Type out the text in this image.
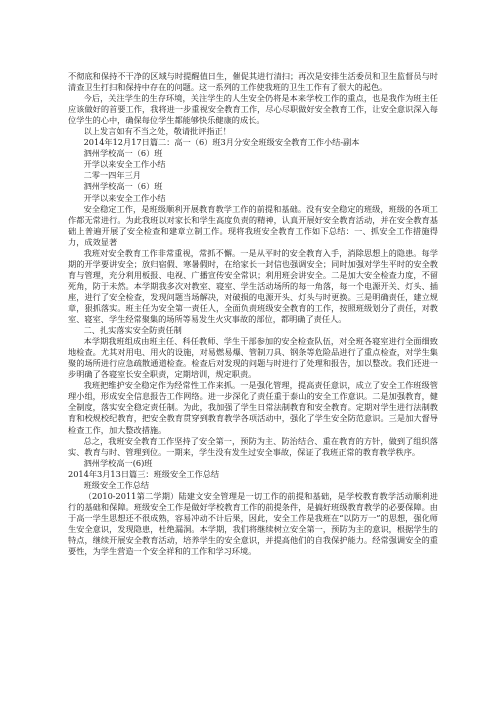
不彻底和保持不干净的区域与时提醒值日生，催促其进行清扫；再次是安排生活委员和卫生监督员与时清查卫生打扫和保持中存在的问题。这一系列的工作使我班的卫生工作有了很大的起色。

今后，关注学生的生存环境，关注学生的人生安全仍将是本来学校工作的重点，也是我作为班主任应该做好的首要工作，我将进一步重视安全教育工作，尽心尽职做好安全教育工作，让安全意识深入每位学生的心中，确保每位学生都能够快乐健康的成长。

以上发言如有不当之处，敬请批评指正！

2014年12月17日篇二：高一（6）班3月分安全班级安全教育工作小结-副本

泗州学校高一（6）班

开学以来安全工作小结

二零一四年三月

泗州学校高一（6）班

开学以来安全工作小结

安全稳定工作，是班级顺利开展教育教学工作的前提和基础。没有安全稳定的班级，班级的各项工作都无常进行。为此我班以对家长和学生高度负责的精神，认真开展好安全教育活动，并在安全教育基础上普遍开展了安全检查和建章立制工作。现将我班安全教育工作如下总结：一、抓安全工作措施得力，成效显著

我班对安全教育工作非常重视，常抓不懈。一是从平时的安全教育入手，消除思想上的隐患。每学期的开学要讲安全；放归宿假、寒暑假时，在给家长一封信也强调安全；同时加强对学生平时的安全教育与管理，充分利用板报、电视、广播宣传安全常识；利用班会讲安全。二是加大安全检查力度，不留死角，防于未然。本学期我多次对教室、寝室、学生活动场所的每一角落，每一个电源开关、灯头、插座，进行了安全检查，发现问题当场解决，对破损的电源开头、灯头与时更换。三是明确责任，建立规章，狠抓落实。班主任为安全第一责任人，全面负责班级安全教育的工作，按照班级划分了责任，对教室、寝室、学生经常聚集的场所等易发生火灾事故的部位，都明确了责任人。

二、扎实落实安全防责任制

本学期我班组成由班主任、科任教师、学生干部参加的安全检查队伍，对全班各寝室进行全面细致地检查。尤其对用电、用火的设施，对易燃易爆、管制刀具、钢条等危险品进行了重点检查，对学生集聚的场所进行应急疏散通道检查。检查后对发现的问题与时进行了处理和报告，加以整改。我们还进一步明确了各寝室长安全职责，定期培训，规定职责。

我班把维护安全稳定作为经常性工作来抓。一是强化管理，提高责任意识，成立了安全工作班级管理小组，形成安全信息报告工作网络。进一步深化了责任重于泰山的安全工作意识。二是加强教育，健全制度，落实安全稳定责任制。为此，我加强了学生日常法制教育和安全教育。定期对学生进行法制教育和校规校纪教育，把安全教育贯穿到教育教学各项活动中，强化了学生安全防范意识。三是加大督导检查工作，加大整改措施。

总之，我班安全教育工作坚持了安全第一，预防为主、防治结合、重在教育的方针，做到了组织落实、教育与时、管理到位。一期来，学生没有发生过安全事故，保证了我班正常的教育教学秩序。

泗州学校高一(6)班

2014年3月13日篇三：班级安全工作总结

班级安全工作总结

（2010-2011第二学期）陆建文安全管理是一切工作的前提和基础，是学校教育教学活动顺利进行的基础和保障。班级安全工作是做好学校教育工作的前提条件，是搞好班级教育教学的必要保障。由于高一学生思想还不很成熟，容易冲动不计后果，因此，安全工作是我班在“以防万一”的思想，强化师生安全意识，发现隐患，杜绝漏洞。本学期，我们将继续树立安全第一，预防为主的意识，根据学生的特点，继续开展安全教育活动，培养学生的安全意识，并提高他们的自我保护能力。经常强调安全的重要性，为学生营造一个安全祥和的工作和学习环境。
